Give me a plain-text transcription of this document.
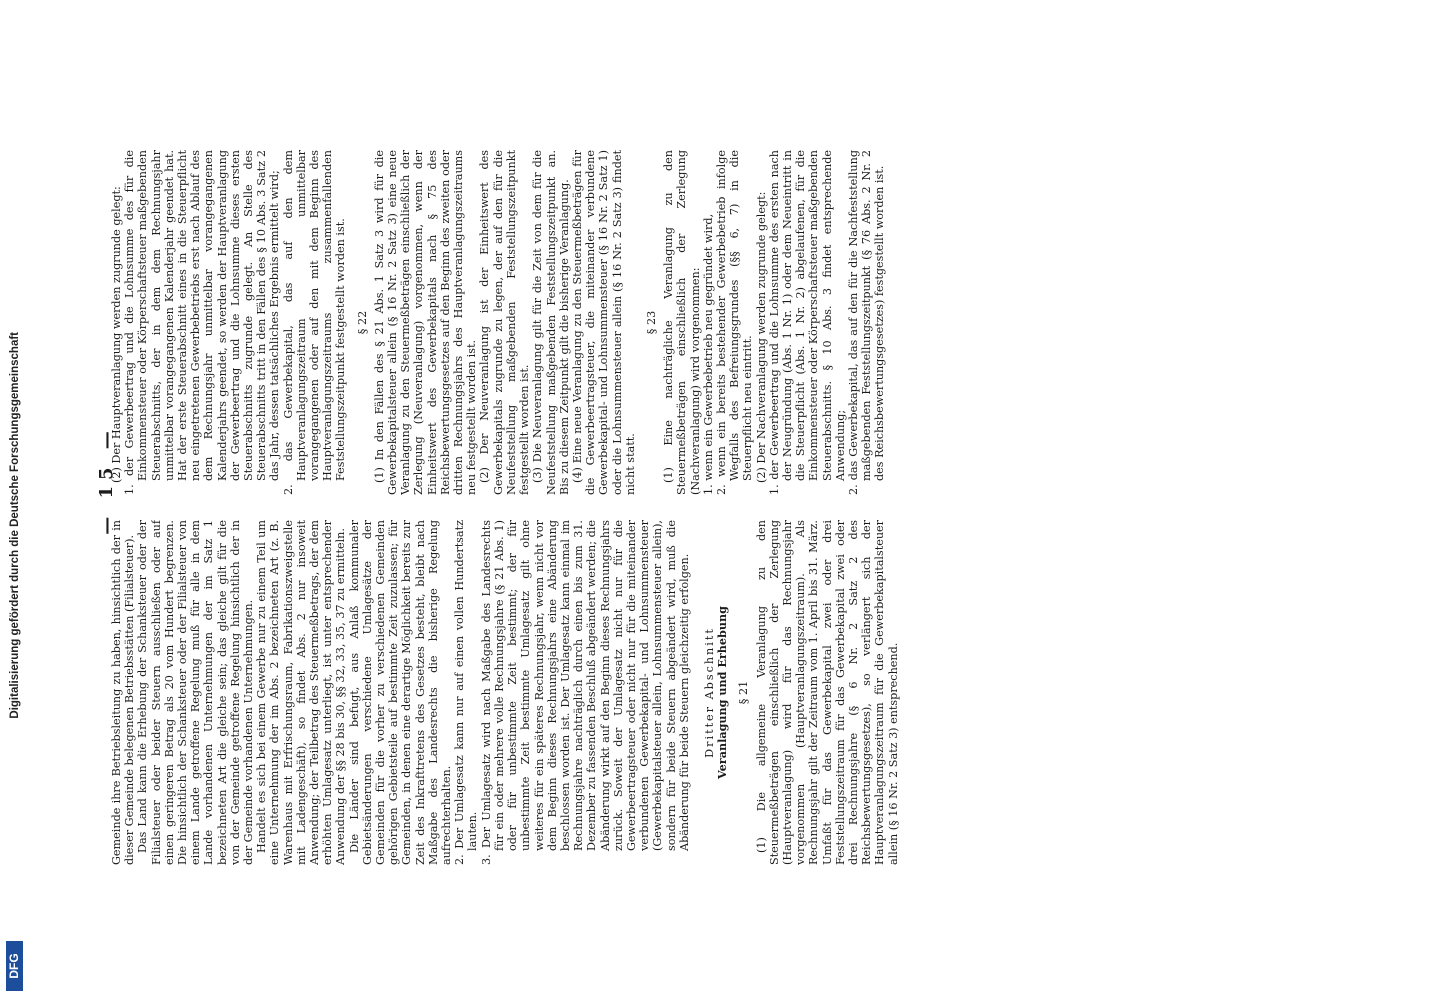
DFG
Digitalisierung gefördert durch die Deutsche Forschungsgemeinschaft	— 15 —

Gemeinde ihre Betriebsleitung zu haben, hinsichtlich der in dieser Gemeinde belegenen Betriebsstätten (Filialsteuer). Das Land kann die Erhebung der Schanksteuer oder der Filialsteuer oder beider Steuern ausschließen oder auf einen geringeren Betrag als 20 vom Hundert begrenzen. Die hinsichtlich der Schanksteuer oder der Filialsteuer von einem Lande getroffene Regelung muß für alle in dem Lande vorhandenen Unternehmungen der im Satz 1 bezeichneten Art die gleiche sein; das gleiche gilt für die von der Gemeinde getroffene Regelung hinsichtlich der in der Gemeinde vorhandenen Unternehmungen. Handelt es sich bei einem Gewerbe nur zu einem Teil um eine Unternehmung der im Abs. 2 bezeichneten Art (z. B. Warenhaus mit Erfrischungsraum, Fabrikationszweigstelle mit Ladengeschäft), so findet Abs. 2 nur insoweit Anwendung; der Teilbetrag des Steuermeßbetrags, der dem erhöhten Umlagesatz unterliegt, ist unter entsprechender Anwendung der §§ 28 bis 30, §§ 32, 33, 35, 37 zu ermitteln. Die Länder sind befugt, aus Anlaß kommunaler Gebietsänderungen verschiedene Umlagesätze der Gemeinden für die vorher zu verschiedenen Gemeinden gehörigen Gebietsteile auf bestimmte Zeit zuzulassen; für Gemeinden, in denen eine derartige Möglichkeit bereits zur Zeit des Inkrafttretens des Gesetzes besteht, bleibt nach Maßgabe des Landesrechts die bisherige Regelung aufrechterhalten. 2. Der Umlagesatz kann nur auf einen vollen Hundertsatz lauten. 3. Der Umlagesatz wird nach Maßgabe des Landesrechts für ein oder mehrere volle Rechnungsjahre (§ 21 Abs. 1) oder für unbestimmte Zeit bestimmt; der für unbestimmte Zeit bestimmte Umlagesatz gilt ohne weiteres für ein späteres Rechnungsjahr, wenn nicht vor dem Beginn dieses Rechnungsjahrs eine Abänderung beschlossen worden ist. Der Umlagesatz kann einmal im Rechnungsjahre nachträglich durch einen bis zum 31. Dezember zu fassenden Beschluß abgeändert werden; die Abänderung wirkt auf den Beginn dieses Rechnungsjahrs zurück. Soweit der Umlagesatz nicht nur für die Gewerbeertragsteuer oder nicht nur für die miteinander verbundenen Gewerbekapital- und Lohnsummensteuer (Gewerbekapitalsteuer allein, Lohnsummensteuer allein), sondern für beide Steuern abgeändert wird, muß die Abänderung für beide Steuern gleichzeitig erfolgen. Dritter Abschnitt Veranlagung und Erhebung § 21 (1) Die allgemeine Veranlagung zu den Steuermeßbeträgen einschließlich der Zerlegung (Hauptveranlagung) wird für das Rechnungsjahr vorgenommen (Hauptveranlagungszeitraum). Als Rechnungsjahr gilt der Zeitraum vom 1. April bis 31. März. Umfaßt für das Gewerbekapital zwei oder drei Feststellungszeitraum für das Gewerbekapital zwei oder drei Rechnungsjahre (§ 6 Nr. 2 Satz 2 des Reichsbewertungsgesetzes), so verlängert sich der Hauptveranlagungszeitraum für die Gewerbekapitalsteuer allein (§ 16 Nr. 2 Satz 3) entsprechend.

(2) Der Hauptveranlagung werden zugrunde gelegt: 1. der Gewerbeertrag und die Lohnsumme des für die Einkommensteuer oder Körperschaftsteuer maßgebenden Steuerabschnitts, der in dem dem Rechnungsjahr unmittelbar vorangegangenen Kalenderjahr geendet hat. Hat der erste Steuerabschnitt eines in die Steuerpflicht neu eingetretenen Gewerbebetriebs erst nach Ablauf des dem Rechnungsjahr unmittelbar vorangegangenen Kalenderjahrs geendet, so werden der Hauptveranlagung der Gewerbeertrag und die Lohnsumme dieses ersten Steuerabschnitts zugrunde gelegt. An Stelle des Steuerabschnitts tritt in den Fällen des § 10 Abs. 3 Satz 2 das Jahr, dessen tatsächliches Ergebnis ermittelt wird; 2. das Gewerbekapital, das auf den dem Hauptveranlagungszeitraum unmittelbar vorangegangenen oder auf den mit dem Beginn des Hauptveranlagungszeitraums zusammenfallenden Feststellungszeitpunkt festgestellt worden ist. § 22 (1) In den Fällen des § 21 Abs. 1 Satz 3 wird für die Gewerbekapitalsteuer allein (§ 16 Nr. 2 Satz 3) eine neue Veranlagung zu den Steuermeßbeträgen einschließlich der Zerlegung (Neuveranlagung) vorgenommen, wenn der Einheitswert des Gewerbekapitals nach § 75 des Reichsbewertungsgesetzes auf den Beginn des zweiten oder dritten Rechnungsjahrs des Hauptveranlagungszeitraums neu festgestellt worden ist. (2) Der Neuveranlagung ist der Einheitswert des Gewerbekapitals zugrunde zu legen, der auf den für die Neufeststellung maßgebenden Feststellungszeitpunkt festgestellt worden ist. (3) Die Neuveranlagung gilt für die Zeit von dem für die Neufeststellung maßgebenden Feststellungszeitpunkt an. Bis zu diesem Zeitpunkt gilt die bisherige Veranlagung. (4) Eine neue Veranlagung zu den Steuermeßbeträgen für die Gewerbeertragsteuer, die miteinander verbundene Gewerbekapital- und Lohnsummensteuer (§ 16 Nr. 2 Satz 1) oder die Lohnsummensteuer allein (§ 16 Nr. 2 Satz 3) findet nicht statt.

§ 23 (1) Eine nachträgliche Veranlagung zu den Steuermeßbeträgen einschließlich der Zerlegung (Nachveranlagung) wird vorgenommen: 1. wenn ein Gewerbebetrieb neu gegründet wird, 2. wenn ein bereits bestehender Gewerbebetrieb infolge Wegfalls des Befreiungsgrundes (§§ 6, 7) in die Steuerpflicht neu eintritt. (2) Der Nachveranlagung werden zugrunde gelegt: 1. der Gewerbeertrag und die Lohnsumme des ersten nach der Neugründung (Abs. 1 Nr. 1) oder dem Neueintritt in die Steuerpflicht (Abs. 1 Nr. 2) abgelaufenen, für die Einkommensteuer oder Körperschaftsteuer maßgebenden Steuerabschnitts. § 10 Abs. 3 findet entsprechende Anwendung; 2. das Gewerbekapital, das auf den für die Nachfeststellung maßgebenden Feststellungszeitpunkt (§ 76 Abs. 2 Nr. 2 des Reichsbewertungsgesetzes) festgestellt worden ist.
